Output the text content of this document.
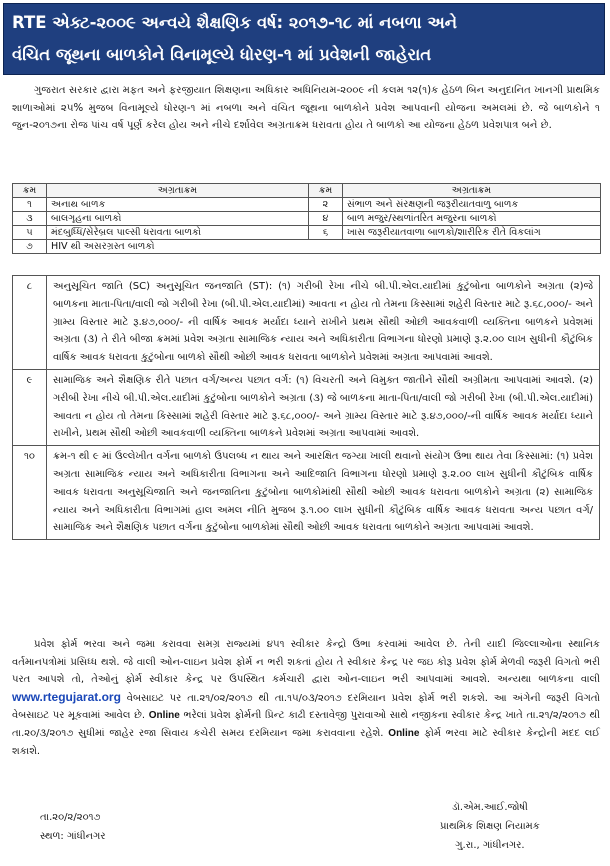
RTE એક્ટ-૨૦૦૯ અન્વયે શૈક્ષણિક વર્ષ: ૨૦૧૭-૧૮ માં નબળા અને
વંચિત જૂથના બાળકોને વિનામૂલ્યે ધોરણ-૧ માં પ્રવેશની જાહેરાત

ગુજરાત સરકાર દ્વારા મફત અને ફરજીયાત શિક્ષણના અધિકાર અધિનિયમ-૨૦૦૯ ની કલમ ૧૨(૧)ક હેઠળ બિન અનુદાનિત ખાનગી પ્રાથમિક શાળાઓમાં ૨૫% મુજબ વિનામૂલ્યે ધોરણ-૧ માં નબળા અને વંચિત જૂથના બાળકોને પ્રવેશ આપવાની યોજના અમલમાં છે. જે બાળકોને ૧ જુન-૨૦૧૭ના રોજ પાંચ વર્ષ પૂર્ણ કરેલ હોય અને નીચે દર્શાવેલ અગ્રતાક્રમ ધરાવતા હોય તે બાળકો આ યોજના હેઠળ પ્રવેશપાત્ર બને છે.

ક્રમ	અગ્રતાક્રમ	ક્રમ	અગ્રતાક્રમ
૧	અનાથ બાળક	૨	સંભાળ અને સંરક્ષણની જરૂરીયાતવાળુ બાળક
૩	બાલગૃહના બાળકો	૪	બાળ મજુર/સ્થળાંતરિત મજુરના બાળકો
૫	મંદબુધ્ધિ/સેરેબ્રલ પાલ્સી ધરાવતા બાળકો	૬	ખાસ જરૂરીયાતવાળા બાળકો/શારીરિક રીતે વિકલાંગ
૭	HIV થી અસરગ્રસ્ત બાળકો		
૮	અનુસૂચિત જાતિ (SC) અનુસૂચિત જનજાતિ (ST): (૧) ગરીબી રેખા નીચે બી.પી.એલ.યાદીમાં કુટુંબોના બાળકોને અગ્રતા (૨)જે બાળકના માતા-પિતા/વાલી જો ગરીબી રેખા (બી.પી.એલ.યાદીમાં) આવતા ન હોય તો તેમના કિસ્સામાં શહેરી વિસ્તાર માટે રૂ.૬૮,૦૦૦/- અને ગ્રામ્ય વિસ્તાર માટે રૂ.૪૭,૦૦૦/- ની વાર્ષિક આવક મર્યાદા ધ્યાને રાખીને પ્રથમ સૌથી ઓછી આવકવાળી વ્યક્તિના બાળકને પ્રવેશમાં અગ્રતા (૩) તે રીતે બીજા ક્રમમાં પ્રવેશ અગ્રતા સામાજિક ન્યાય અને અધિકારીતા વિભાગના ધોરણો પ્રમાણે રૂ.૨.૦૦ લાખ સુધીની કૌટુંબિક વાર્ષિક આવક ધરાવતા કુટુંબોના બાળકો સૌથી ઓછી આવક ધરાવતા બાળકોને પ્રવેશમાં અગ્રતા આપવામાં આવશે.
૯	સામાજિક અને શૈક્ષણિક રીતે પછાત વર્ગ/અન્ય પછાત વર્ગ: (૧) વિચરતી અને વિમુક્ત જાતીને સૌથી અગ્રીમતા આપવામાં આવશે. (૨) ગરીબી રેખા નીચે બી.પી.એલ.યાદીમાં કુટુંબોના બાળકોને અગ્રતા (૩) જે બાળકના માતા-પિતા/વાલી જો ગરીબી રેખા (બી.પી.એલ.યાદીમાં) આવતા ન હોય તો તેમના કિસ્સામાં શહેરી વિસ્તાર માટે રૂ.૬૮,૦૦૦/- અને ગ્રામ્ય વિસ્તાર માટે રૂ.૪૭,૦૦૦/-ની વાર્ષિક આવક મર્યાદા ધ્યાને રાખીને, પ્રથમ સૌથી ઓછી આવકવાળી વ્યક્તિના બાળકને પ્રવેશમાં અગ્રતા આપવામાં આવશે.
૧૦	ક્રમ-૧ થી ૯ માં ઉલ્લેખીત વર્ગના બાળકો ઉપલબ્ધ ન થાય અને આરક્ષિત જગ્યા ખાલી થવાનો સંયોગ ઉભા થાય તેવા કિસ્સામાં: (૧) પ્રવેશ અગ્રતા સામાજિક ન્યાય અને અધિકારીતા વિભાગના અને આદિજાતિ વિભાગના ધોરણો પ્રમાણે રૂ.૨.૦૦ લાખ સુધીની કૌટુંબિક વાર્ષિક આવક ધરાવતા અનુસૂચિજાતિ અને જનજાતિના કુટુંબોના બાળકોમાંથી સૌથી ઓછી આવક ધરાવતા બાળકોને અગ્રતા (૨) સામાજિક ન્યાય અને અધિકારીતા વિભાગમાં હાલ અમલ નીતિ મુજબ રૂ.૧.૦૦ લાખ સુધીની કૌટુંબિક વાર્ષિક આવક ધરાવતા અન્ય પછાત વર્ગ/સામાજિક અને શૈક્ષણિક પછાત વર્ગના કુટુંબોના બાળકોમાં સૌથી ઓછી આવક ધરાવતા બાળકોને અગ્રતા આપવામાં આવશે.

પ્રવેશ ફોર્મ ભરવા અને જમા કરાવવા સમગ્ર રાજ્યમાં ૪૫૧ સ્વીકાર કેન્દ્રો ઉભા કરવામાં આવેલ છે. તેની યાદી જિલ્લાઓના સ્થાનિક વર્તમાનપત્રોમાં પ્રસિધ્ધ થશે. જે વાલી ઓન-લાઇન પ્રવેશ ફોર્મ ન ભરી શકતાં હોય તે સ્વીકાર કેન્દ્ર પર જઇ કોરૂ પ્રવેશ ફોર્મ મેળવી જરૂરી વિગતો ભરી પરત આપશે તો, તેઓનું ફોર્મ સ્વીકાર કેન્દ્ર પર ઉપસ્થિત કર્મચારી દ્વારા ઓન-લાઇન ભરી આપવામાં આવશે. અન્યથા બાળકના વાલી www.rtegujarat.org વેબસાઇટ પર તા.૨૧/૦૨/૨૦૧૭ થી તા.૧૫/૦૩/૨૦૧૭ દરમિયાન પ્રવેશ ફોર્મ ભરી શકશે. આ અંગેની જરૂરી વિગતો વેબસાઇટ પર મૂકવામાં આવેલ છે. Online ભરેલાં પ્રવેશ ફોર્મની પ્રિન્ટ કાઢી દસ્તાવેજી પુરાવાઓ સાથે નજીકના સ્વીકાર કેન્દ્ર ખાતે તા.૨૧/૨/૨૦૧૭ થી તા.૨૦/૩/૨૦૧૭ સુધીમાં જાહેર રજા સિવાય કચેરી સમય દરમિયાન જમા કરાવવાના રહેશે. Online ફોર્મ ભરવા માટે સ્વીકાર કેન્દ્રોની મદદ લઈ શકાશે.

તા.૨૦/૨/૨૦૧૭
સ્થળ: ગાંધીનગર
ડૉ.એમ.આઈ.જોષી
પ્રાથમિક શિક્ષણ નિયામક
ગુ.રા., ગાંધીનગર.
